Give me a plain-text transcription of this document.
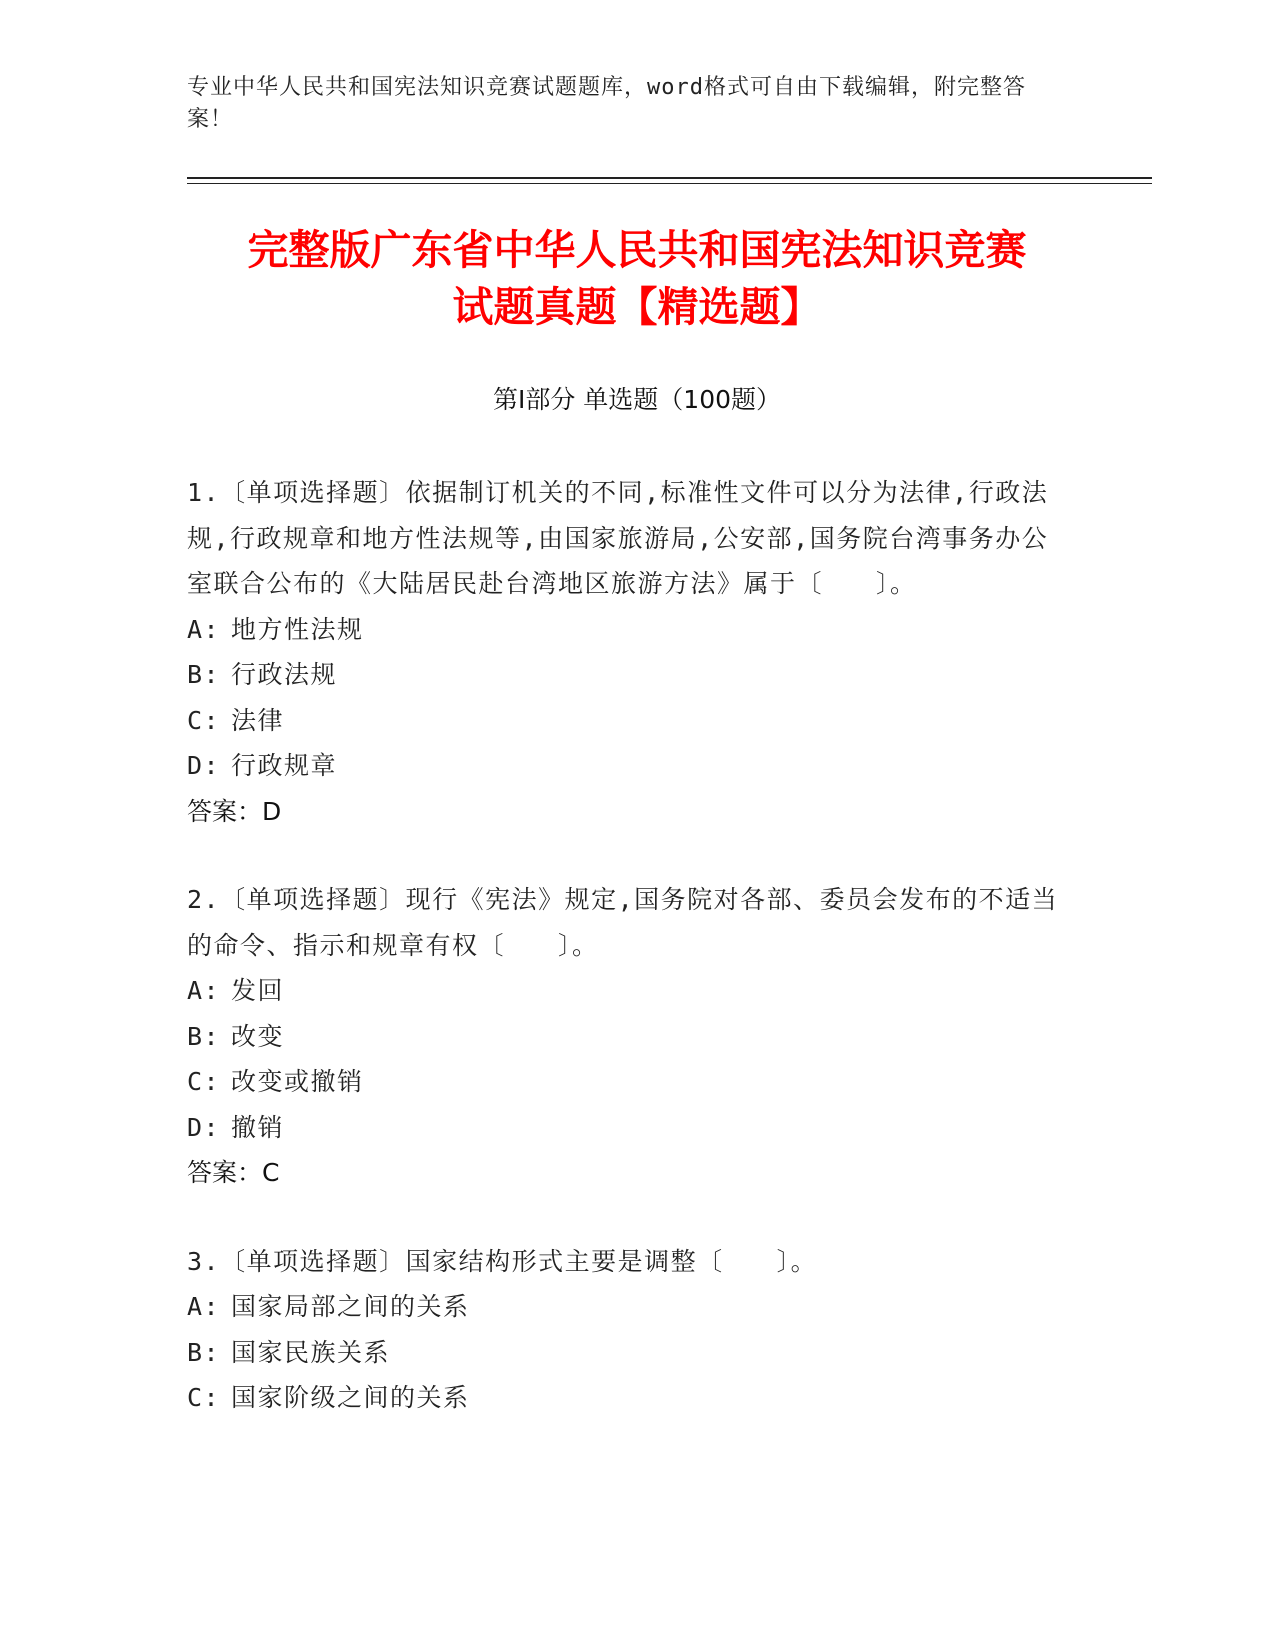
专业中华人民共和国宪法知识竞赛试题题库，word格式可自由下载编辑，附完整答案！
完整版广东省中华人民共和国宪法知识竞赛
试题真题【精选题】
第Ⅰ部分 单选题（100题）
1.〔单项选择题〕依据制订机关的不同,标准性文件可以分为法律,行政法规,行政规章和地方性法规等,由国家旅游局,公安部,国务院台湾事务办公室联合公布的《大陆居民赴台湾地区旅游方法》属于〔　　〕。
A: 地方性法规
B: 行政法规
C: 法律
D: 行政规章
答案：D
2.〔单项选择题〕现行《宪法》规定,国务院对各部、委员会发布的不适当的命令、指示和规章有权〔　　〕。
A: 发回
B: 改变
C: 改变或撤销
D: 撤销
答案：C
3.〔单项选择题〕国家结构形式主要是调整〔　　〕。
A: 国家局部之间的关系
B: 国家民族关系
C: 国家阶级之间的关系
